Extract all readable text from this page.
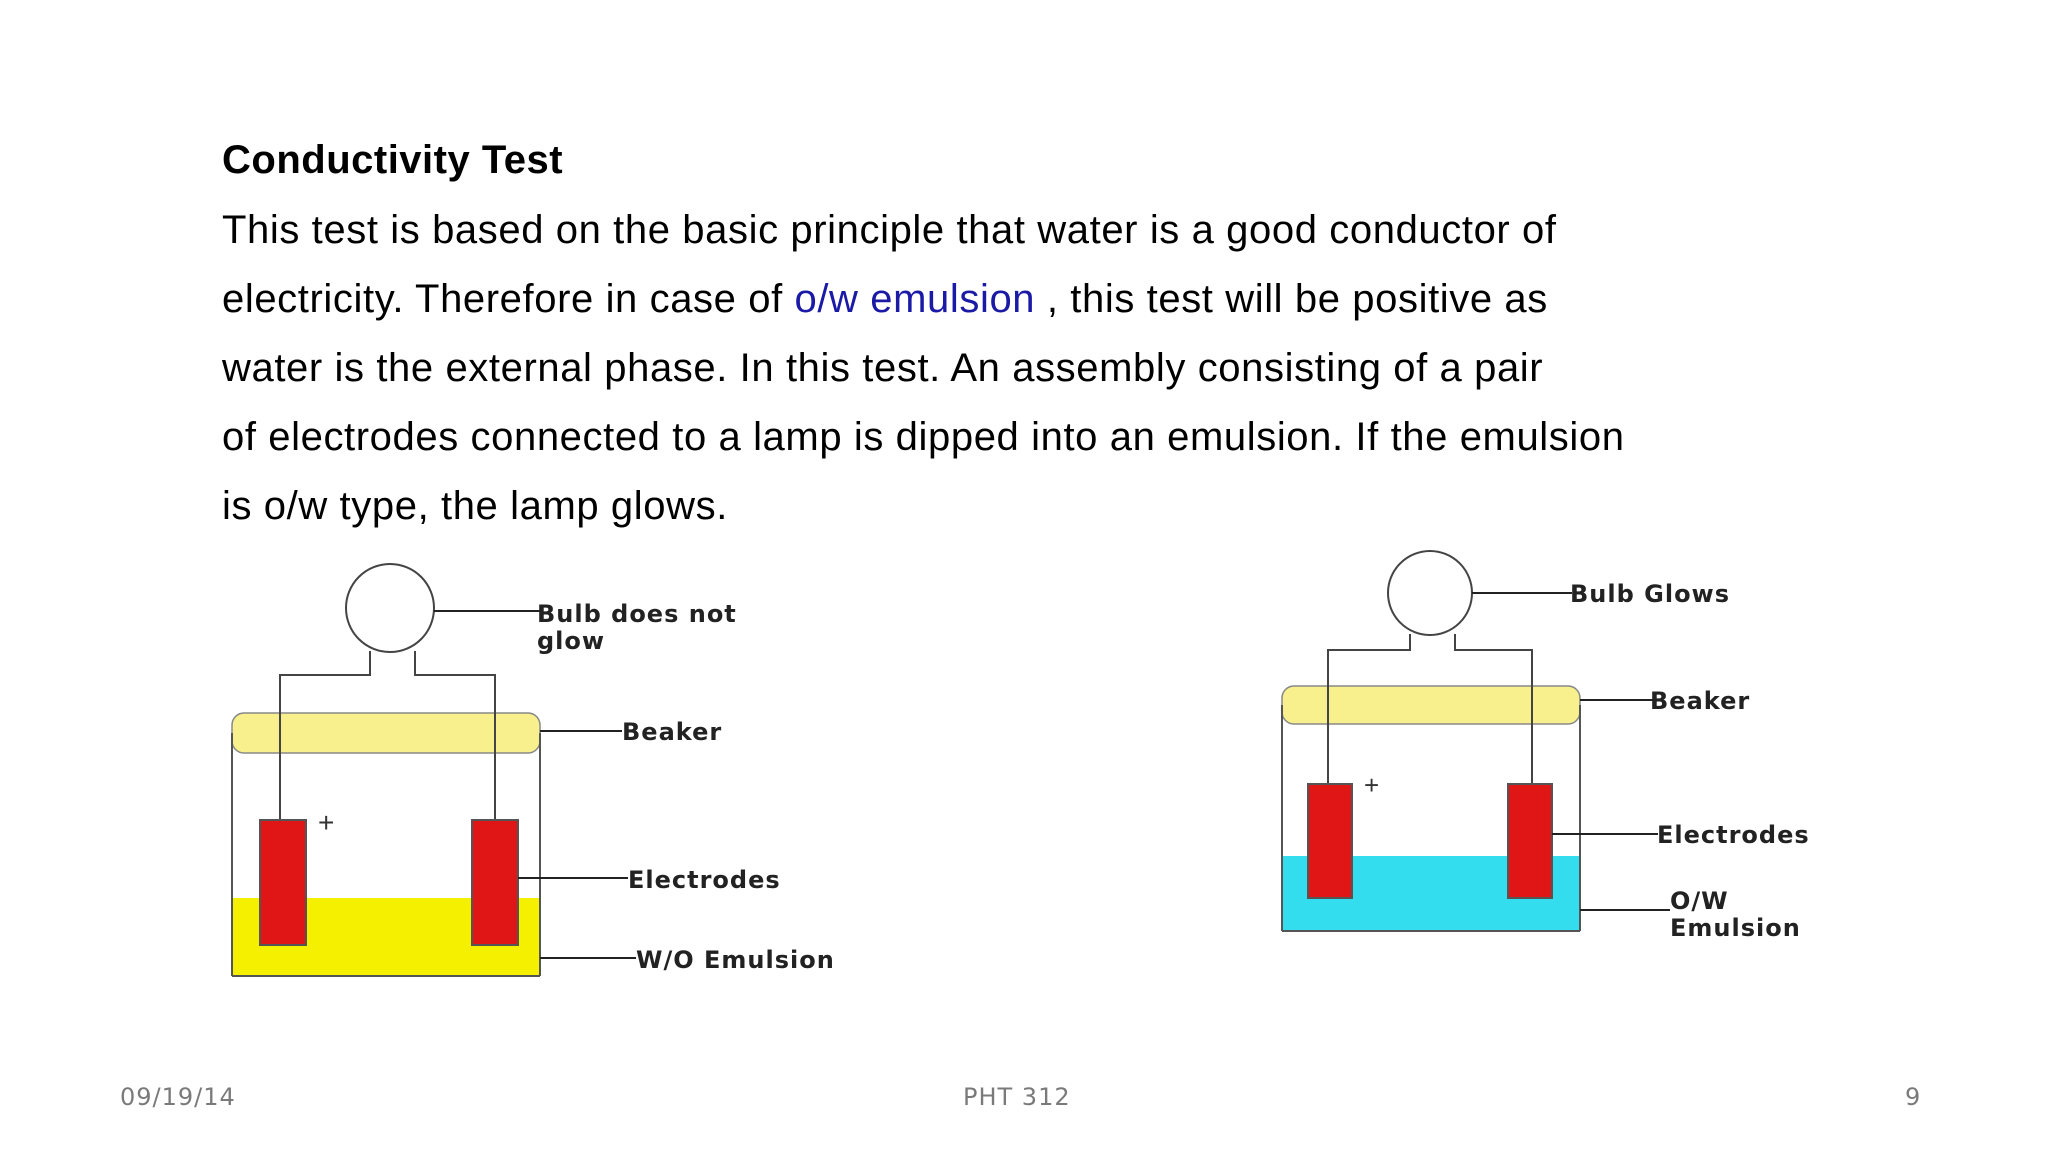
Conductivity Test
This test is based on the basic principle that water is a good conductor of
electricity. Therefore in case of o/w emulsion , this test will be positive as
water is the external phase. In this test. An assembly consisting of a pair
of electrodes connected to a lamp is dipped into an emulsion. If the emulsion
is o/w type, the lamp glows.
+
Bulb does not
glow
Beaker
Electrodes
W/O Emulsion
+
Bulb Glows
Beaker
Electrodes
O/W
Emulsion
09/19/14	PHT 312	9
